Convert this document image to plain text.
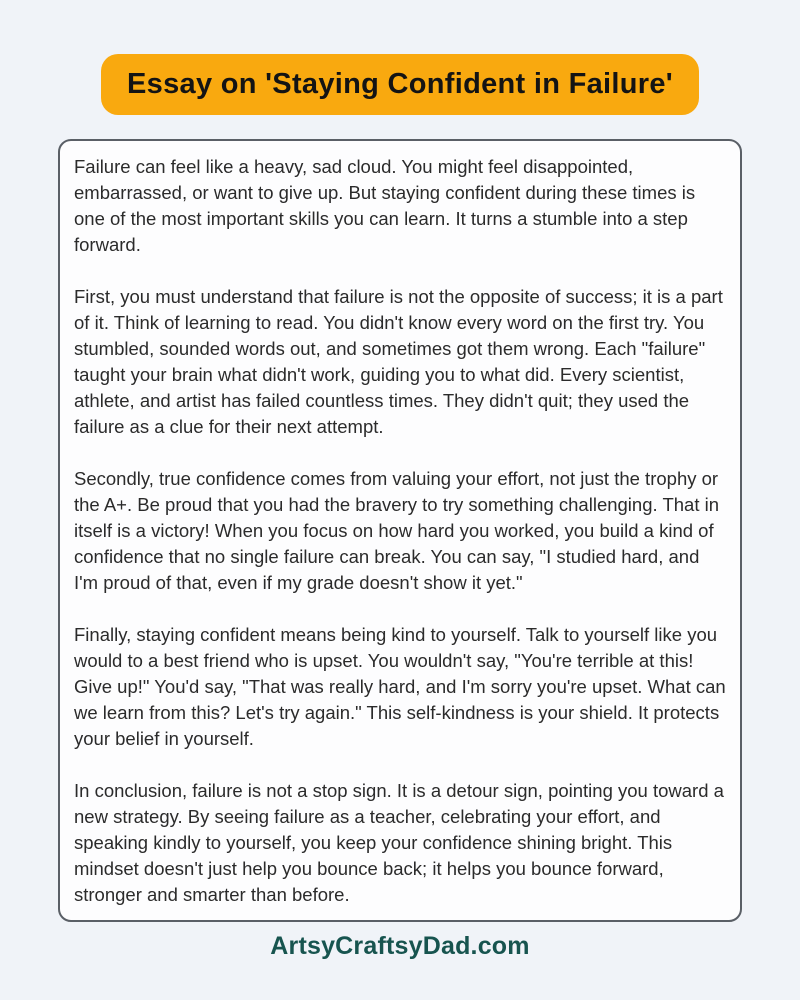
Essay on 'Staying Confident in Failure'

Failure can feel like a heavy, sad cloud. You might feel disappointed, embarrassed, or want to give up. But staying confident during these times is one of the most important skills you can learn. It turns a stumble into a step forward.

First, you must understand that failure is not the opposite of success; it is a part of it. Think of learning to read. You didn't know every word on the first try. You stumbled, sounded words out, and sometimes got them wrong. Each "failure" taught your brain what didn't work, guiding you to what did. Every scientist, athlete, and artist has failed countless times. They didn't quit; they used the failure as a clue for their next attempt.

Secondly, true confidence comes from valuing your effort, not just the trophy or the A+. Be proud that you had the bravery to try something challenging. That in itself is a victory! When you focus on how hard you worked, you build a kind of confidence that no single failure can break. You can say, "I studied hard, and I'm proud of that, even if my grade doesn't show it yet."

Finally, staying confident means being kind to yourself. Talk to yourself like you would to a best friend who is upset. You wouldn't say, "You're terrible at this! Give up!" You'd say, "That was really hard, and I'm sorry you're upset. What can we learn from this? Let's try again." This self-kindness is your shield. It protects your belief in yourself.

In conclusion, failure is not a stop sign. It is a detour sign, pointing you toward a new strategy. By seeing failure as a teacher, celebrating your effort, and speaking kindly to yourself, you keep your confidence shining bright. This mindset doesn't just help you bounce back; it helps you bounce forward, stronger and smarter than before.

ArtsyCraftsyDad.com
